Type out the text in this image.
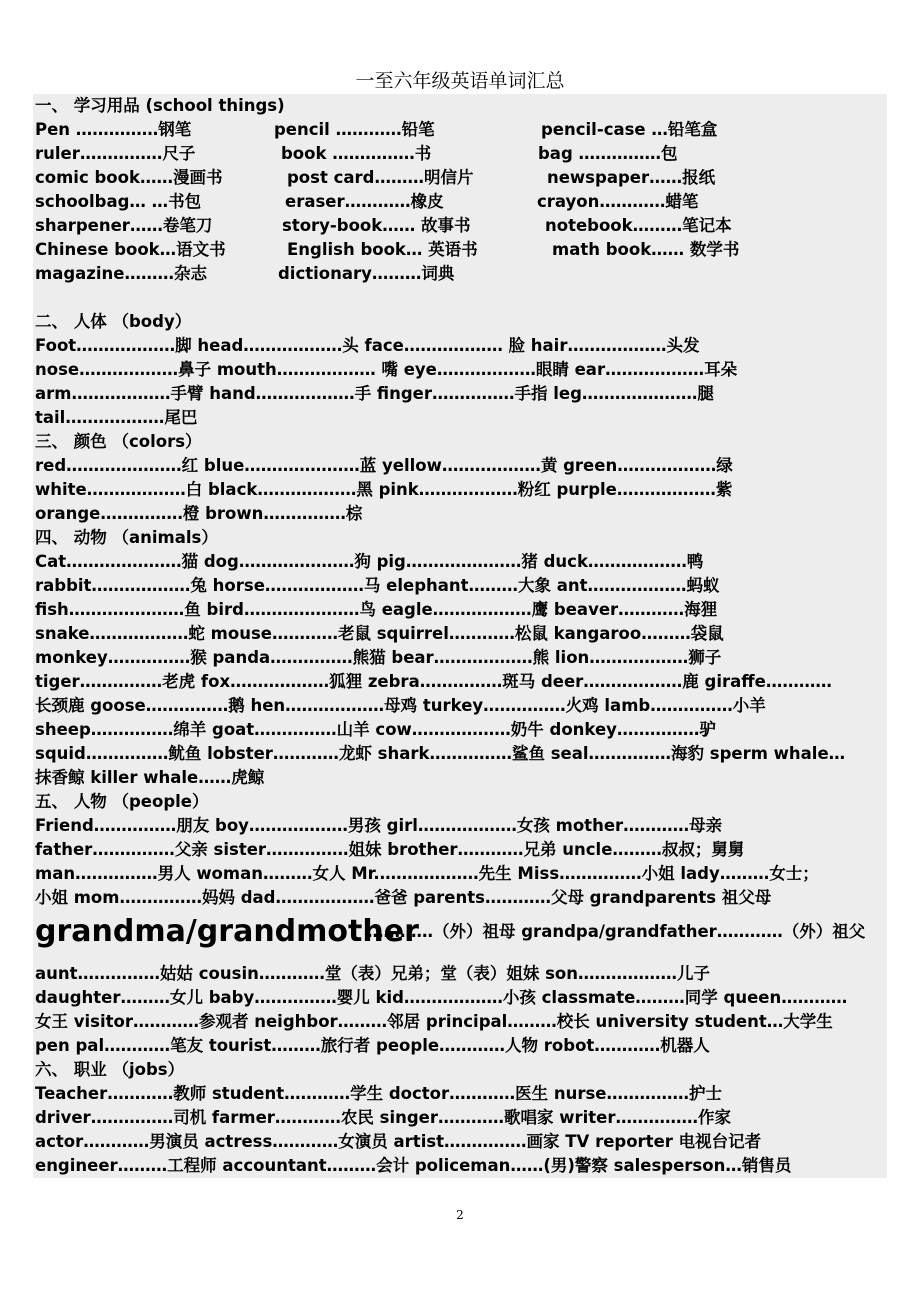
一至六年级英语单词汇总
一、 学习用品 (school things)
Pen ……………钢笔	pencil …………铅笔	pencil-case …铅笔盒
ruler……………尺子	book ……………书	bag ……………包
comic book……漫画书	post card………明信片	newspaper……报纸
schoolbag… …书包	eraser…………橡皮	crayon…………蜡笔
sharpener……卷笔刀	story-book…… 故事书	notebook………笔记本
Chinese book…语文书	English book… 英语书	math book…… 数学书
magazine………杂志	dictionary………词典
二、 人体 （body）
Foot………………脚 head………………头 face……………… 脸 hair………………头发
nose………………鼻子 mouth……………… 嘴 eye………………眼睛 ear………………耳朵
arm………………手臂 hand………………手 finger……………手指 leg…………………腿
tail………………尾巴
三、 颜色 （colors）
red…………………红 blue…………………蓝 yellow………………黄 green………………绿
white………………白 black………………黑 pink………………粉红 purple………………紫
orange……………橙 brown……………棕
四、 动物 （animals）
Cat…………………猫 dog…………………狗 pig…………………猪 duck………………鸭
rabbit………………兔 horse………………马 elephant………大象 ant………………蚂蚁
fish…………………鱼 bird…………………鸟 eagle………………鹰 beaver…………海狸
snake………………蛇 mouse…………老鼠 squirrel…………松鼠 kangaroo………袋鼠
monkey……………猴 panda……………熊猫 bear………………熊 lion………………狮子
tiger……………老虎 fox………………狐狸 zebra……………斑马 deer………………鹿 giraffe…………
长颈鹿 goose……………鹅 hen………………母鸡 turkey……………火鸡 lamb……………小羊
sheep……………绵羊 goat……………山羊 cow………………奶牛 donkey……………驴
squid……………鱿鱼 lobster…………龙虾 shark……………鲨鱼 seal……………海豹 sperm whale…
抹香鲸 killer whale……虎鲸
五、 人物 （people）
Friend……………朋友 boy………………男孩 girl………………女孩 mother…………母亲
father……………父亲 sister……………姐妹 brother…………兄弟 uncle………叔叔；舅舅
man……………男人 woman………女人 Mr.………………先生 Miss……………小姐 lady………女士；
小姐 mom……………妈妈 dad………………爸爸 parents…………父母 grandparents 祖父母
grandma/grandmother
…………（外）祖母 grandpa/grandfather…………（外）祖父
aunt……………姑姑 cousin…………堂（表）兄弟；堂（表）姐妹 son………………儿子
daughter………女儿 baby……………婴儿 kid………………小孩 classmate………同学 queen…………
女王 visitor…………参观者 neighbor………邻居 principal………校长 university student…大学生
pen pal…………笔友 tourist………旅行者 people…………人物 robot…………机器人
六、 职业 （jobs）
Teacher…………教师 student…………学生 doctor…………医生 nurse……………护士
driver……………司机 farmer…………农民 singer…………歌唱家 writer……………作家
actor…………男演员 actress…………女演员 artist……………画家 TV reporter 电视台记者
engineer………工程师 accountant………会计 policeman……(男)警察 salesperson…销售员
2
